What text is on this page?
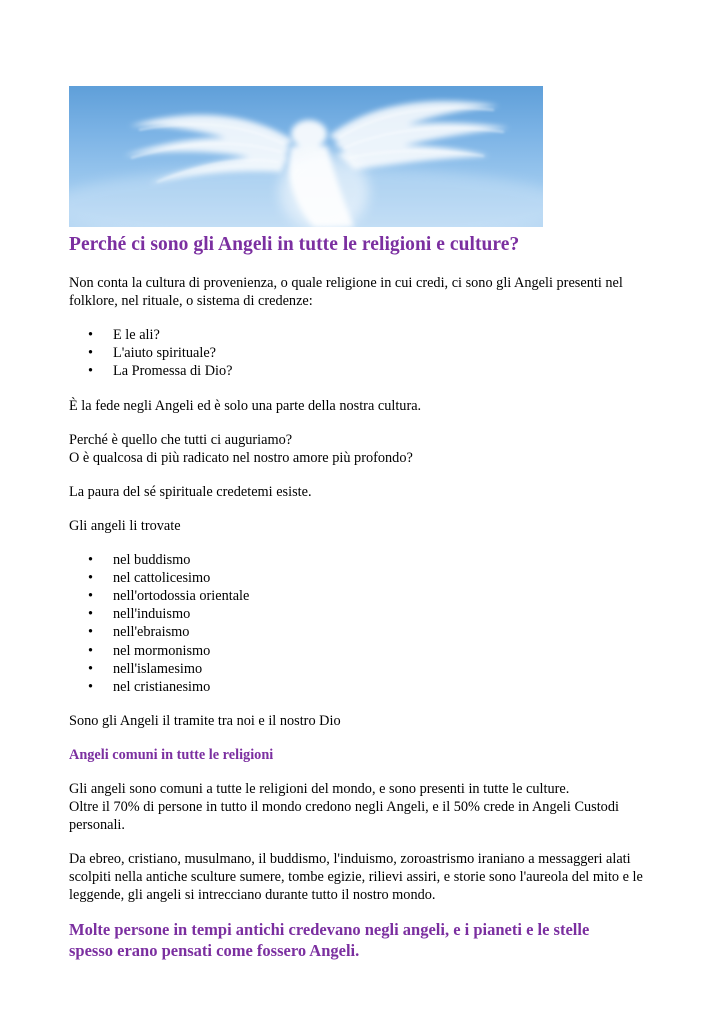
Perché ci sono gli Angeli in tutte le religioni e culture?

Non conta la cultura di provenienza, o quale religione in cui credi, ci sono gli Angeli presenti nel folklore, nel rituale, o sistema di credenze:

• E le ali?
• L'aiuto spirituale?
• La Promessa di Dio?

È la fede negli Angeli ed è solo una parte della nostra cultura.

Perché è quello che tutti ci auguriamo?

O è qualcosa di più radicato nel nostro amore più profondo?

La paura del sé spirituale credetemi esiste.

Gli angeli li trovate

• nel buddismo
• nel cattolicesimo
• nell'ortodossia orientale
• nell'induismo
• nell'ebraismo
• nel mormonismo
• nell'islamesimo
• nel cristianesimo

Sono gli Angeli il tramite tra noi e il nostro Dio

Angeli comuni in tutte le religioni

Gli angeli sono comuni a tutte le religioni del mondo, e sono presenti in tutte le culture.

Oltre il 70% di persone in tutto il mondo credono negli Angeli, e il 50% crede in Angeli Custodi personali.

Da ebreo, cristiano, musulmano, il buddismo, l'induismo, zoroastrismo iraniano a messaggeri alati scolpiti nella antiche sculture sumere, tombe egizie, rilievi assiri, e storie sono l'aureola del mito e le leggende, gli angeli si intrecciano durante tutto il nostro mondo.

Molte persone in tempi antichi credevano negli angeli, e i pianeti e le stelle spesso erano pensati come fossero Angeli.
